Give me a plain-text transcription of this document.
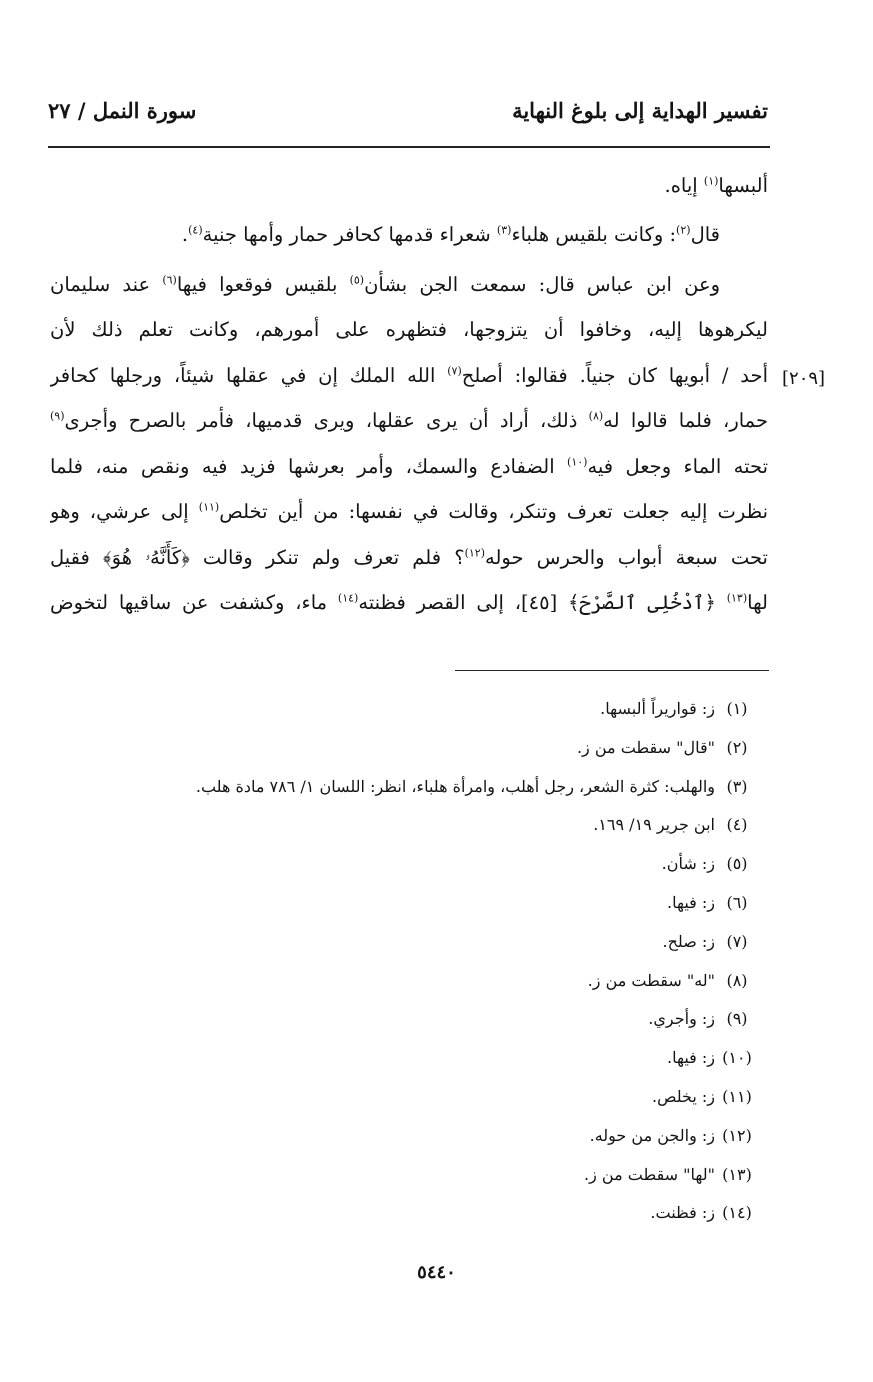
تفسير الهداية إلى بلوغ النهاية
سورة النمل / ٢٧
[٢٠٩]
ألبسها$^{(١)}$ إياه.
قال$^{(٢)}$: وكانت بلقيس هلباء$^{(٣)}$ شعراء قدمها كحافر حمار وأمها جنية$^{(٤)}$.
وعن ابن عباس قال: سمعت الجن بشأن$^{(٥)}$ بلقيس فوقعوا فيها$^{(٦)}$ عند سليمان
ليكرهوها إليه، وخافوا أن يتزوجها، فتظهره على أمورهم، وكانت تعلم ذلك لأن
أحد / أبويها كان جنياً. فقالوا: أصلح$^{(٧)}$ الله الملك إن في عقلها شيئاً، ورجلها كحافر
حمار، فلما قالوا له$^{(٨)}$ ذلك، أراد أن يرى عقلها، ويرى قدميها، فأمر بالصرح وأجرى$^{(٩)}$
تحته الماء وجعل فيه$^{(١٠)}$ الضفادع والسمك، وأمر بعرشها فزيد فيه ونقص منه، فلما
نظرت إليه جعلت تعرف وتنكر، وقالت في نفسها: من أين تخلص$^{(١١)}$ إلى عرشي، وهو
تحت سبعة أبواب والحرس حوله$^{(١٢)}$؟ فلم تعرف ولم تنكر وقالت ﴿كَأَنَّهُۥ هُوَ﴾ فقيل
لها$^{(١٣)}$ ﴿ٱدْخُلِى ٱلصَّرْحَ﴾ [٤٥]، إلى القصر فظنته$^{(١٤)}$ ماء، وكشفت عن ساقيها لتخوض
(١)ز: قواريراً ألبسها.
(٢)"قال" سقطت من ز.
(٣)والهلب: كثرة الشعر، رجل أهلب، وامرأة هلباء، انظر: اللسان ١/ ٧٨٦ مادة هلب.
(٤)ابن جرير ١٩/ ١٦٩.
(٥)ز: شأن.
(٦)ز: فيها.
(٧)ز: صلح.
(٨)"له" سقطت من ز.
(٩)ز: وأجري.
(١٠)ز: فيها.
(١١)ز: يخلص.
(١٢)ز: والجن من حوله.
(١٣)"لها" سقطت من ز.
(١٤)ز: فظنت.
٥٤٤٠
